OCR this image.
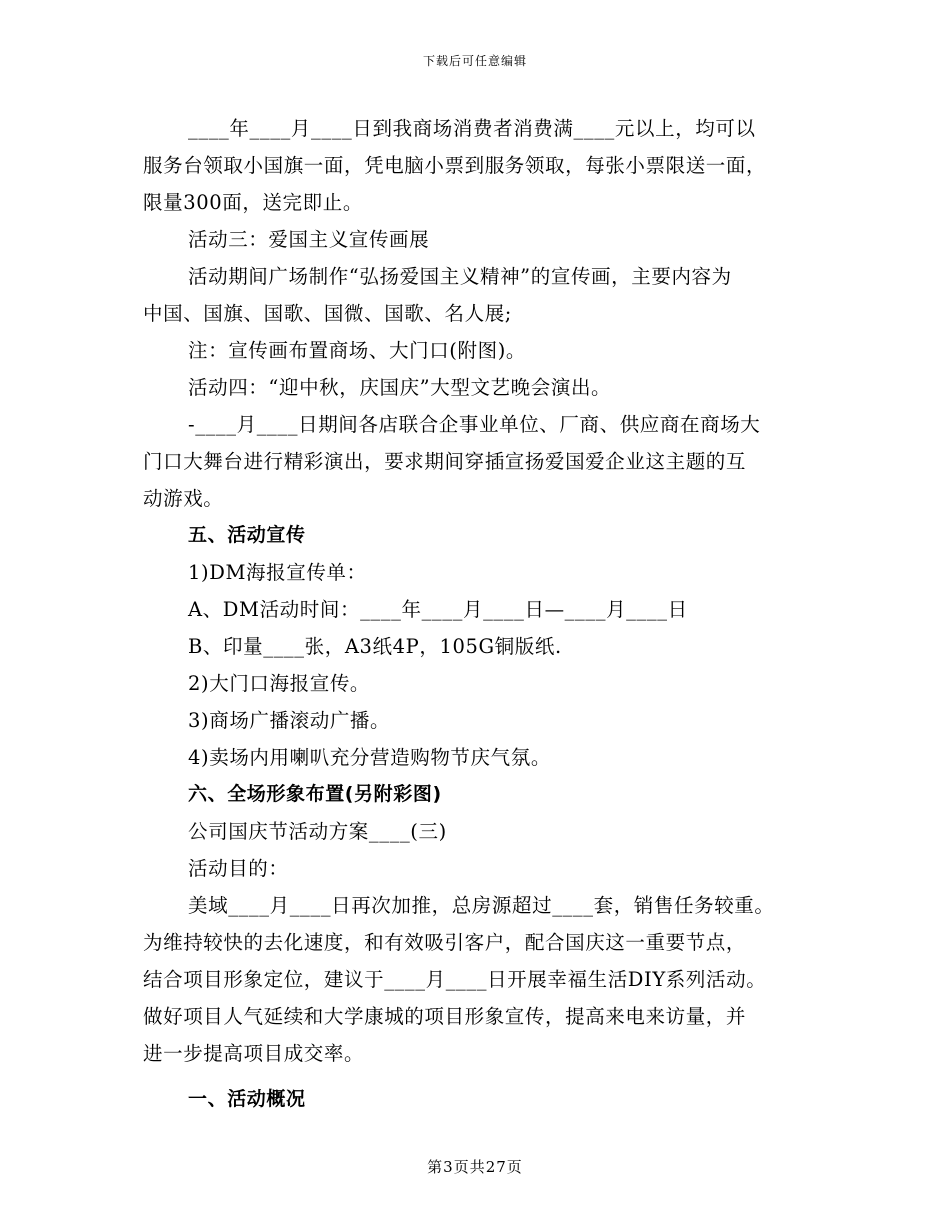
下载后可任意编辑
____年____月____日到我商场消费者消费满____元以上，均可以
服务台领取小国旗一面，凭电脑小票到服务领取，每张小票限送一面，
限量300面，送完即止。
活动三：爱国主义宣传画展
活动期间广场制作“弘扬爱国主义精神”的宣传画，主要内容为
中国、国旗、国歌、国微、国歌、名人展;
注：宣传画布置商场、大门口(附图)。
活动四：“迎中秋，庆国庆”大型文艺晚会演出。
-____月____日期间各店联合企事业单位、厂商、供应商在商场大
门口大舞台进行精彩演出，要求期间穿插宣扬爱国爱企业这主题的互
动游戏。
五、活动宣传
1)DM海报宣传单：
A、DM活动时间：____年____月____日—____月____日
B、印量____张，A3纸4P，105G铜版纸.
2)大门口海报宣传。
3)商场广播滚动广播。
4)卖场内用喇叭充分营造购物节庆气氛。
六、全场形象布置(另附彩图)
公司国庆节活动方案____(三)
活动目的：
美域____月____日再次加推，总房源超过____套，销售任务较重。
为维持较快的去化速度，和有效吸引客户，配合国庆这一重要节点，
结合项目形象定位，建议于____月____日开展幸福生活DIY系列活动。
做好项目人气延续和大学康城的项目形象宣传，提高来电来访量，并
进一步提高项目成交率。
一、活动概况
第3页共27页
